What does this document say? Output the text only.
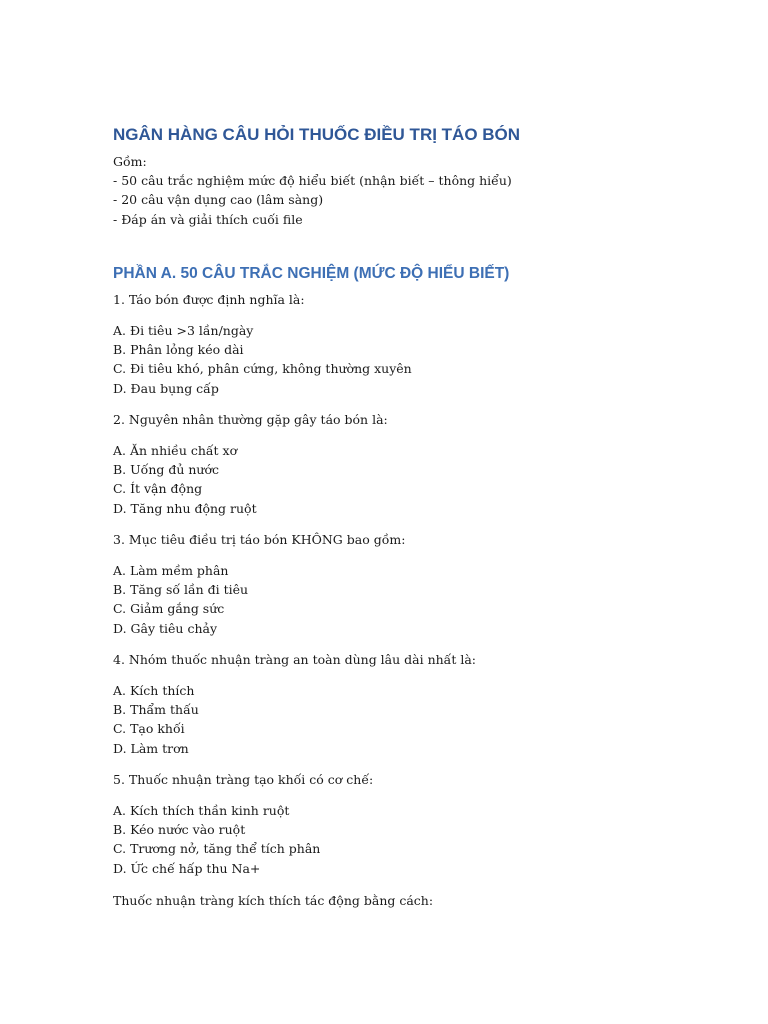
NGÂN HÀNG CÂU HỎI THUỐC ĐIỀU TRỊ TÁO BÓN
Gồm:
- 50 câu trắc nghiệm mức độ hiểu biết (nhận biết – thông hiểu)
- 20 câu vận dụng cao (lâm sàng)
- Đáp án và giải thích cuối file
PHẦN A. 50 CÂU TRẮC NGHIỆM (MỨC ĐỘ HIỂU BIẾT)
1. Táo bón được định nghĩa là:
A. Đi tiêu >3 lần/ngày
B. Phân lỏng kéo dài
C. Đi tiêu khó, phân cứng, không thường xuyên
D. Đau bụng cấp
2. Nguyên nhân thường gặp gây táo bón là:
A. Ăn nhiều chất xơ
B. Uống đủ nước
C. Ít vận động
D. Tăng nhu động ruột
3. Mục tiêu điều trị táo bón KHÔNG bao gồm:
A. Làm mềm phân
B. Tăng số lần đi tiêu
C. Giảm gắng sức
D. Gây tiêu chảy
4. Nhóm thuốc nhuận tràng an toàn dùng lâu dài nhất là:
A. Kích thích
B. Thẩm thấu
C. Tạo khối
D. Làm trơn
5. Thuốc nhuận tràng tạo khối có cơ chế:
A. Kích thích thần kinh ruột
B. Kéo nước vào ruột
C. Trương nở, tăng thể tích phân
D. Ức chế hấp thu Na+
Thuốc nhuận tràng kích thích tác động bằng cách:
